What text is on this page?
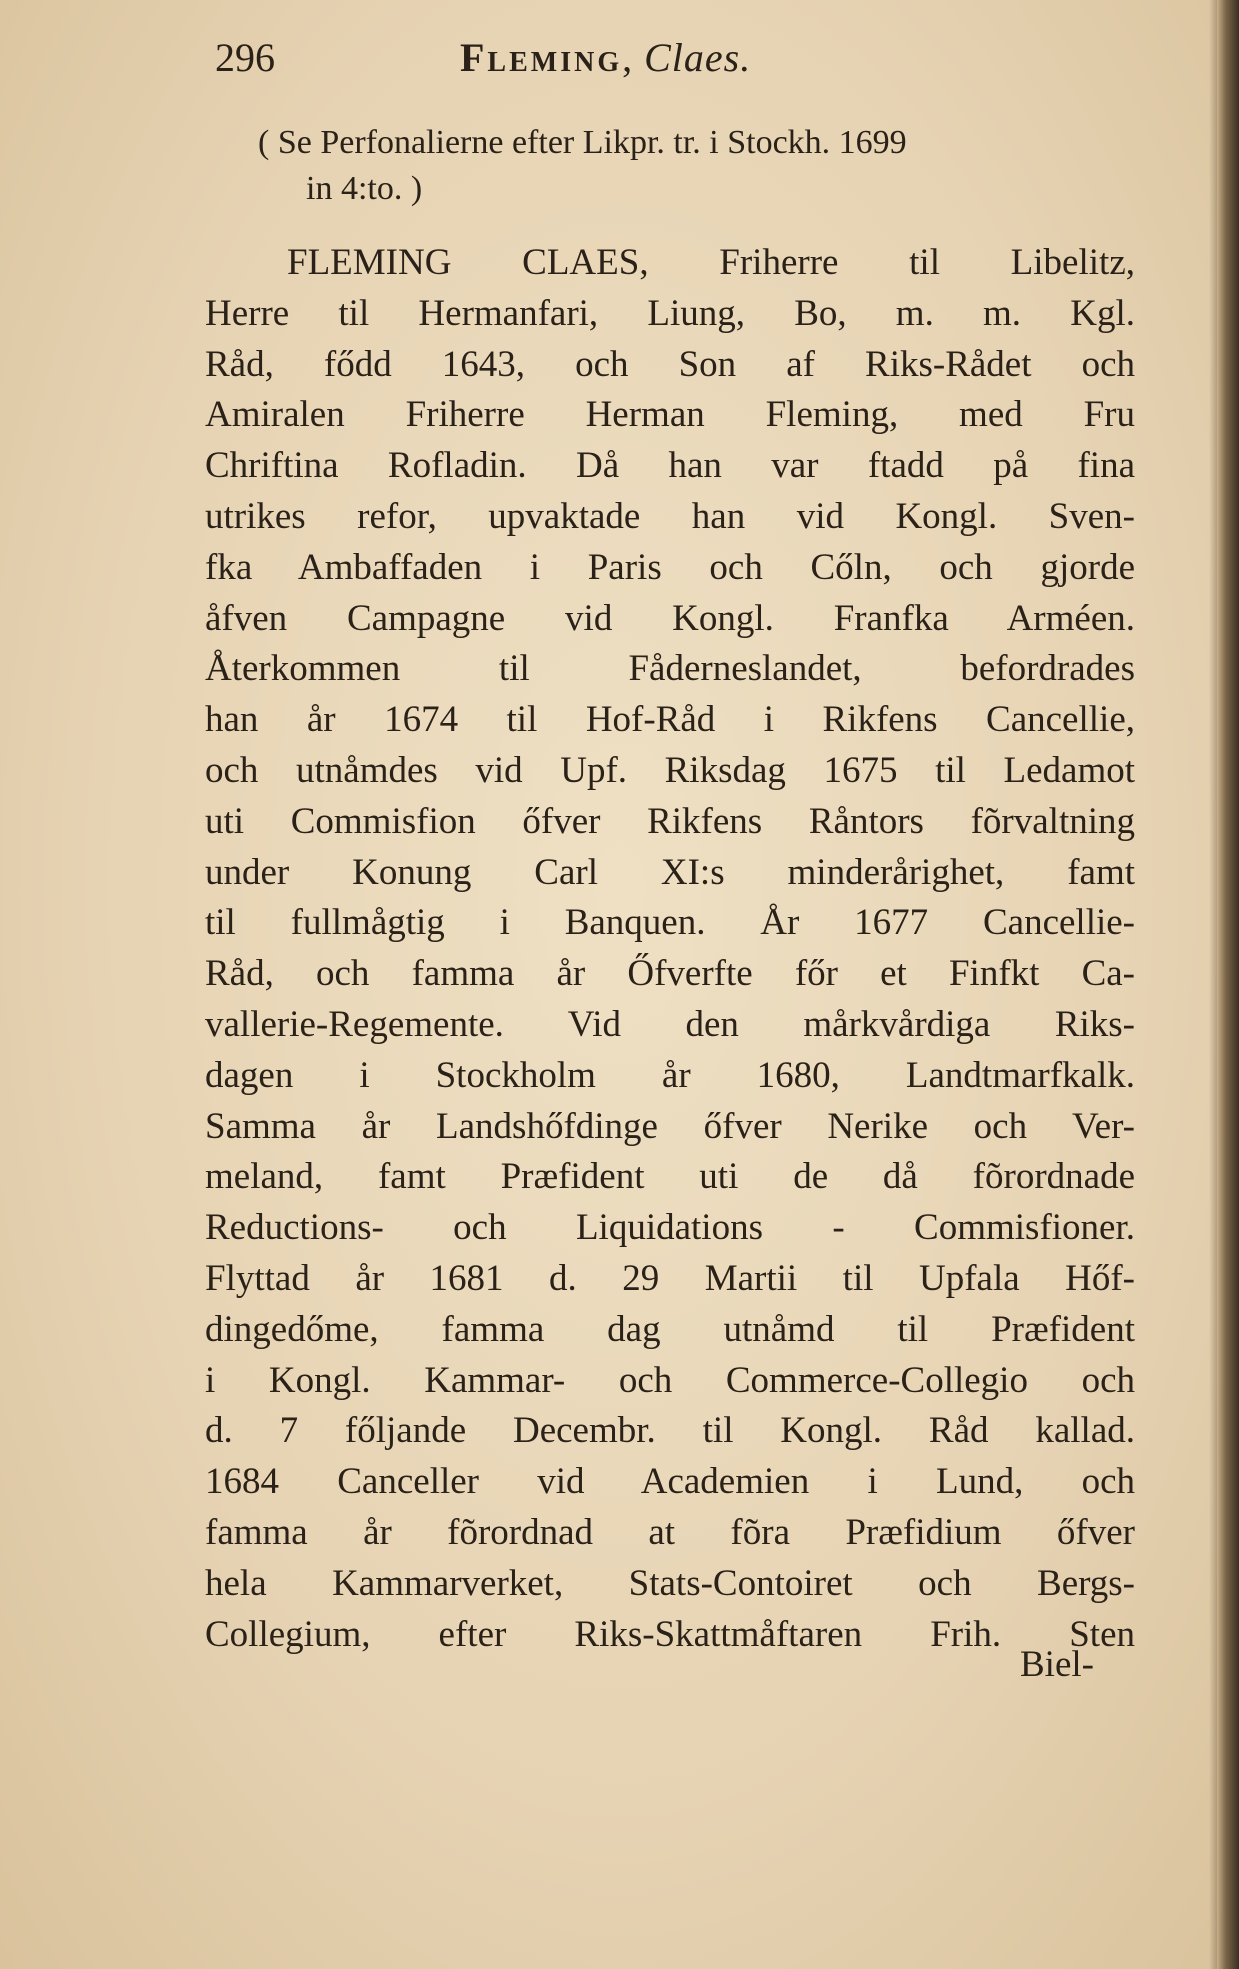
296	Fleming, Claes.
( Se Perfonalierne efter Likpr. tr. i Stockh. 1699
in 4:to. )
FLEMING CLAES, Friherre til Libelitz,
Herre til Hermanfari, Liung, Bo, m. m. Kgl.
Råd, fődd 1643, och Son af Riks-Rådet och
Amiralen Friherre Herman Fleming, med Fru
Chriftina Rofladin. Då han var ftadd på fina
utrikes refor, upvaktade han vid Kongl. Sven-
fka Ambaffaden i Paris och Cőln, och gjorde
åfven Campagne vid Kongl. Franfka Arméen.
Återkommen til Fåderneslandet, befordrades
han år 1674 til Hof-Råd i Rikfens Cancellie,
och utnåmdes vid Upf. Riksdag 1675 til Ledamot
uti Commisfion őfver Rikfens Råntors fõrvaltning
under Konung Carl XI:s minderårighet, famt
til fullmågtig i Banquen. År 1677 Cancellie-
Råd, och famma år Őfverfte főr et Finfkt Ca-
vallerie-Regemente. Vid den mårkvårdiga Riks-
dagen i Stockholm år 1680, Landtmarfkalk.
Samma år Landshőfdinge őfver Nerike och Ver-
meland, famt Præfident uti de då fõrordnade
Reductions- och Liquidations - Commisfioner.
Flyttad år 1681 d. 29 Martii til Upfala Hőf-
dingedőme, famma dag utnåmd til Præfident
i Kongl. Kammar- och Commerce-Collegio och
d. 7 főljande Decembr. til Kongl. Råd kallad.
1684 Canceller vid Academien i Lund, och
famma år fõrordnad at fõra Præfidium őfver
hela Kammarverket, Stats-Contoiret och Bergs-
Collegium, efter Riks-Skattmåftaren Frih. Sten
Biel-
